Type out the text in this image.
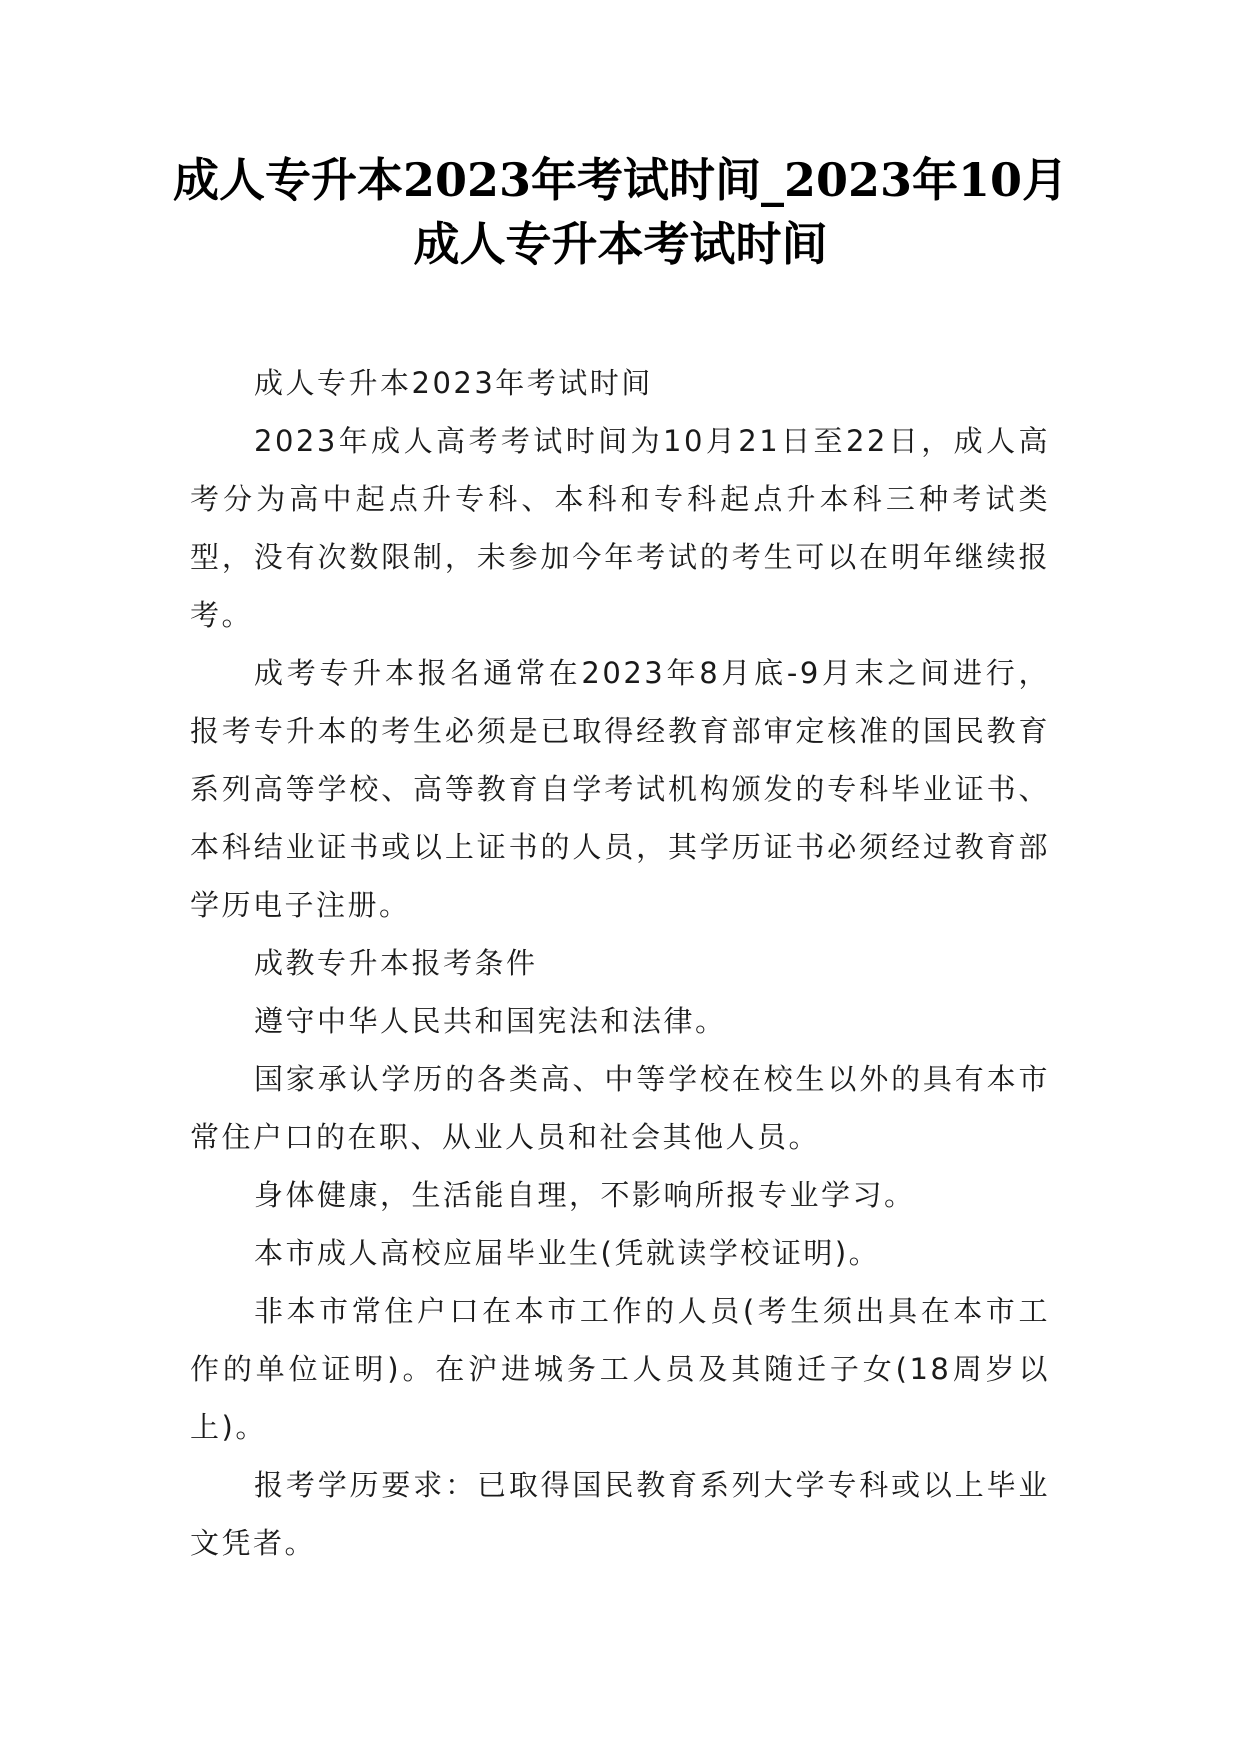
成人专升本2023年考试时间_2023年10月
成人专升本考试时间

成人专升本2023年考试时间

2023年成人高考考试时间为10月21日至22日，成人高考分为高中起点升专科、本科和专科起点升本科三种考试类型，没有次数限制，未参加今年考试的考生可以在明年继续报考。

成考专升本报名通常在2023年8月底-9月末之间进行，报考专升本的考生必须是已取得经教育部审定核准的国民教育系列高等学校、高等教育自学考试机构颁发的专科毕业证书、本科结业证书或以上证书的人员，其学历证书必须经过教育部学历电子注册。

成教专升本报考条件

遵守中华人民共和国宪法和法律。

国家承认学历的各类高、中等学校在校生以外的具有本市常住户口的在职、从业人员和社会其他人员。

身体健康，生活能自理，不影响所报专业学习。

本市成人高校应届毕业生(凭就读学校证明)。

非本市常住户口在本市工作的人员(考生须出具在本市工作的单位证明)。在沪进城务工人员及其随迁子女(18周岁以上)。

报考学历要求：已取得国民教育系列大学专科或以上毕业文凭者。
